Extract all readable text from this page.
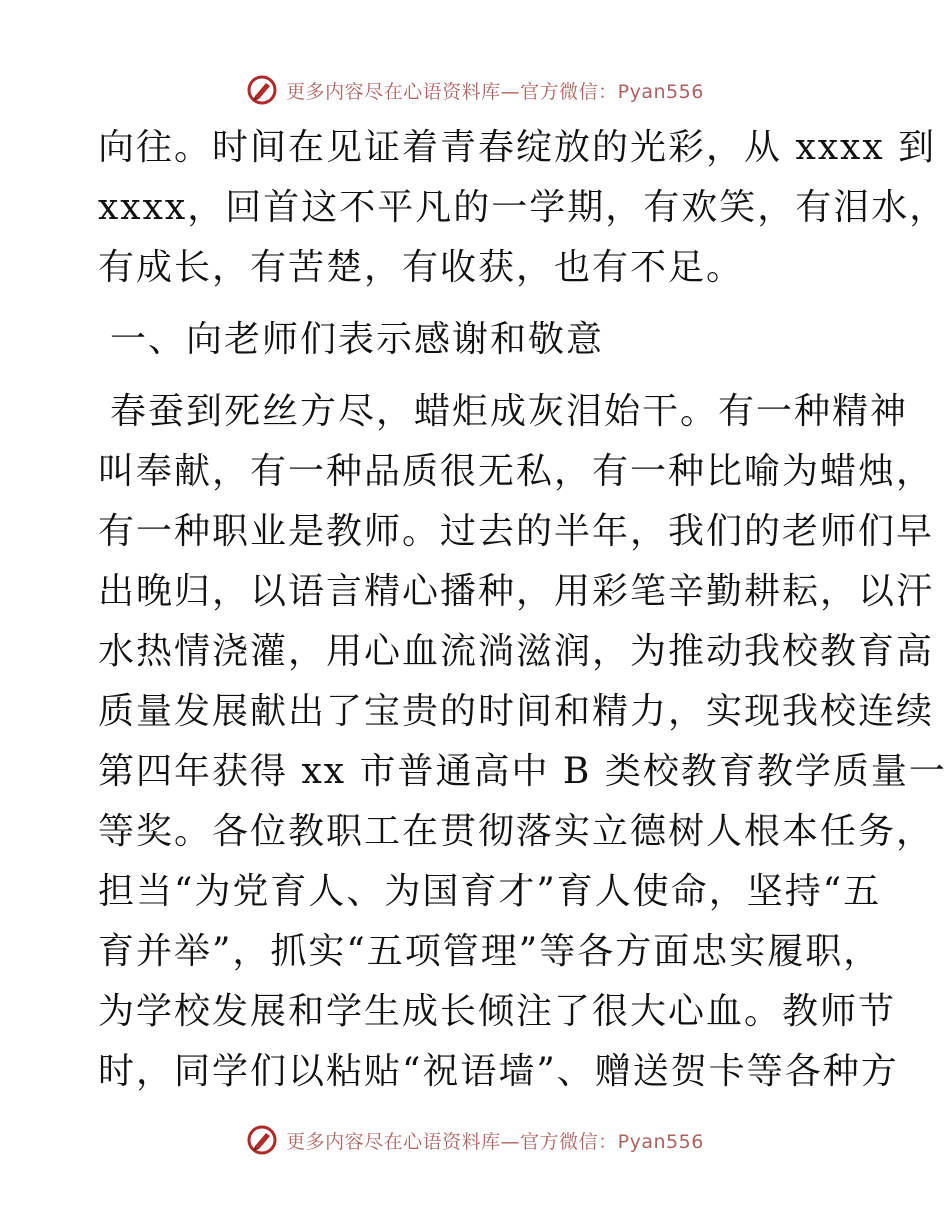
更多内容尽在心语资料库—官方微信：Pyan556
向往。时间在见证着青春绽放的光彩，从 xxxx 到
xxxx，回首这不平凡的一学期，有欢笑，有泪水，
有成长，有苦楚，有收获，也有不足。
一、向老师们表示感谢和敬意
春蚕到死丝方尽，蜡炬成灰泪始干。有一种精神
叫奉献，有一种品质很无私，有一种比喻为蜡烛，
有一种职业是教师。过去的半年，我们的老师们早
出晚归，以语言精心播种，用彩笔辛勤耕耘，以汗
水热情浇灌，用心血流淌滋润，为推动我校教育高
质量发展献出了宝贵的时间和精力，实现我校连续
第四年获得 xx 市普通高中 B 类校教育教学质量一
等奖。各位教职工在贯彻落实立德树人根本任务，
担当“为党育人、为国育才”育人使命，坚持“五
育并举”，抓实“五项管理”等各方面忠实履职，
为学校发展和学生成长倾注了很大心血。教师节
时，同学们以粘贴“祝语墙”、赠送贺卡等各种方
更多内容尽在心语资料库—官方微信：Pyan556
